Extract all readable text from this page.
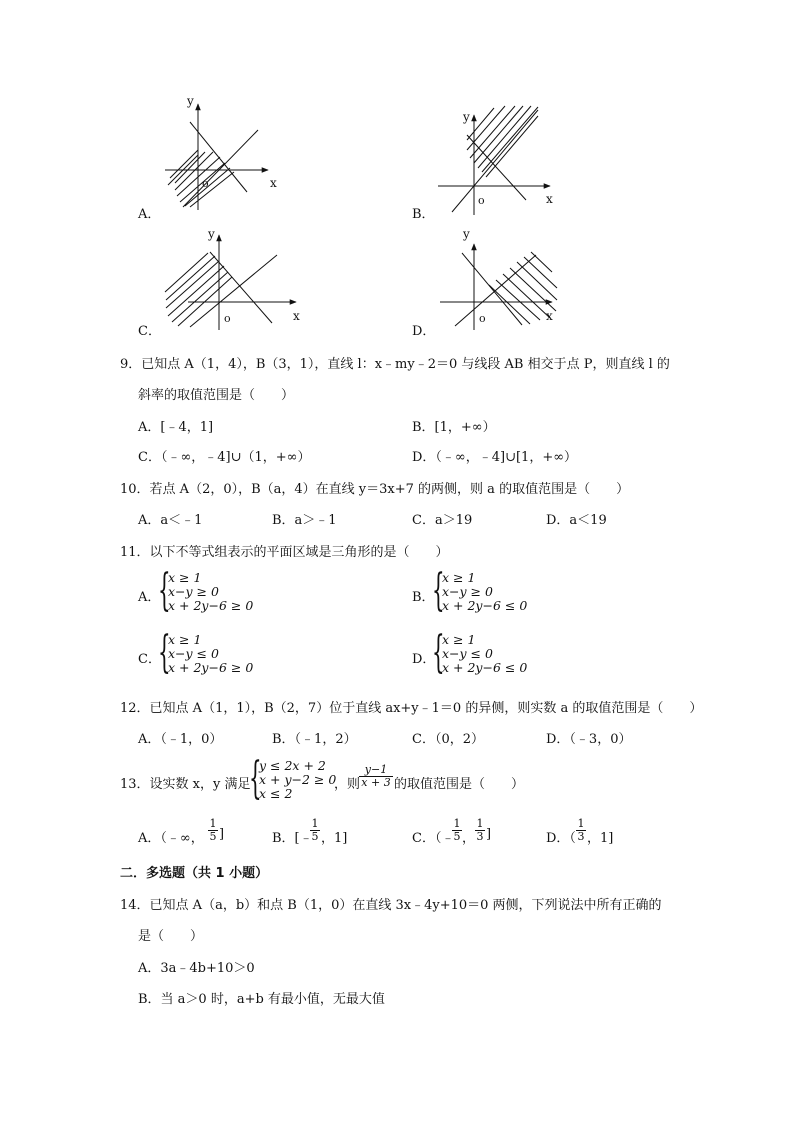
y
x
o
A．
y
x
o
B．
y
x
o
C．
y
x
o
D．
9．已知点 A（1，4），B（3，1），直线 l：x﹣my﹣2＝0 与线段 AB 相交于点 P，则直线 l 的
斜率的取值范围是（　　）
A．[﹣4，1]	B．[1，+∞）
C．（﹣∞，﹣4]∪（1，+∞）	D．（﹣∞，﹣4]∪[1，+∞）
10．若点 A（2，0），B（a，4）在直线 y＝3x+7 的两侧，则 a 的取值范围是（　　）
A．a＜﹣1	B．a＞﹣1	C．a＞19	D．a＜19
11．以下不等式组表示的平面区域是三角形的是（　　）
A．
{
x ≥ 1
x−y ≥ 0
x + 2y−6 ≥ 0
B．
{
x ≥ 1
x−y ≥ 0
x + 2y−6 ≤ 0
C．
{
x ≥ 1
x−y ≤ 0
x + 2y−6 ≥ 0
D．
{
x ≥ 1
x−y ≤ 0
x + 2y−6 ≤ 0
12．已知点 A（1，1），B（2，7）位于直线 ax+y﹣1＝0 的异侧，则实数 a 的取值范围是（　　）
A．（﹣1，0）	B．（﹣1，2）	C．（0，2）	D．（﹣3，0）
13．设实数 x，y 满足
{
y ≤ 2x + 2
x + y−2 ≥ 0
x ≤ 2
，则
$\frac{y-1}{x + 3}$ 的取值范围是（　　）
A．（﹣∞， $\frac{1}{5}$ ]	B．[﹣
$\frac{1}{5}$ ，1]	C．（﹣
$\frac{1}{5}$ ， $\frac{1}{3}$ ]	D．（ $\frac{1}{3}$ ，1]
二．多选题（共 1 小题）
14．已知点 A（a，b）和点 B（1，0）在直线 3x﹣4y+10＝0 两侧，下列说法中所有正确的
是（　　）
A．3a﹣4b+10＞0
B．当 a＞0 时，a+b 有最小值，无最大值
